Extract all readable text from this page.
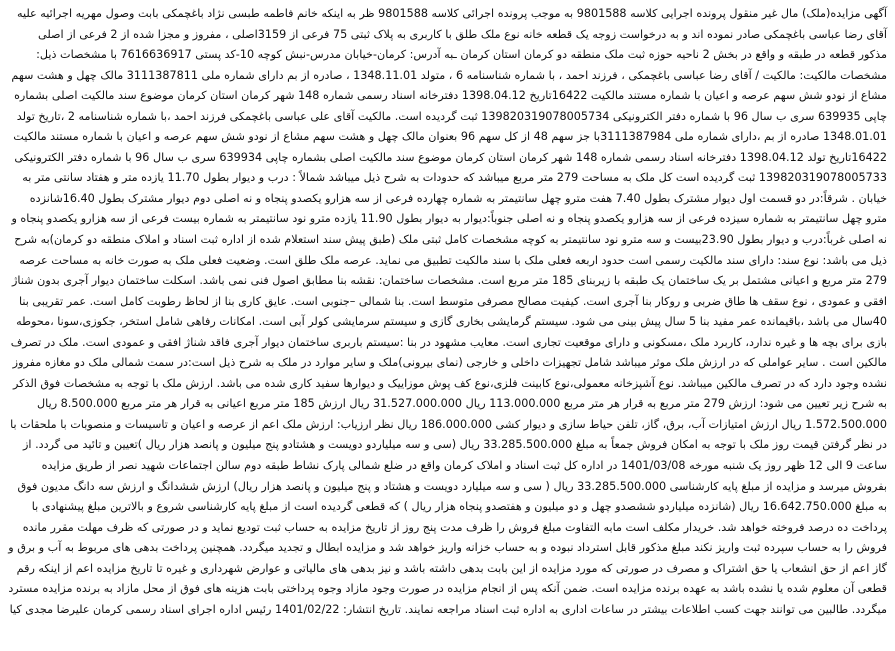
آگهی مزایده(ملک) مال غیر منقول پرونده اجرایی کلاسه 9801588 به موجب پرونده اجرائی کلاسه 9801588 ظر به اینکه خانم فاطمه طبسی نژاد باغچمکی بابت وصول مهریه اجرائیه علیه آقای رضا عباسی باغچمکی صادر نموده اند و به درخواست زوجه یک قطعه خانه نوع ملک طلق با کاربری به پلاک ثبتی 75 فرعی از 3159اصلی ، مفروز و مجزا شده از 2 فرعی از اصلی مذکور قطعه در طبقه و واقع در بخش 2 ناحیه حوزه ثبت ملک منطقه دو کرمان استان کرمان ـبه آدرس: کرمان-خیابان مدرس-نبش کوچه 10-کد پستی 7616636917 با مشخصات ذیل: مشخصات مالکیت: مالکیت / آقای رضا عباسی باغچمکی ، فرزند احمد ، با شماره شناسنامه 6 ، متولد 1348.11.01 ، صادره از بم دارای شماره ملی 3111387811 مالک چهل و هشت سهم مشاع از نودو شش سهم عرصه و اعیان با شماره مستند مالکیت 16422تاریخ 1398.04.12 دفترخانه اسناد رسمی شماره 148 شهر کرمان استان کرمان موضوع سند مالکیت اصلی بشماره چاپی 639935 سری ب سال 96 با شماره دفتر الکترونیکی 139820319078005734 ثبت گردیده است. مالکیت آقای علی عباسی باغچمکی فرزند احمد ،با شماره شناسنامه 2 ،تاریخ تولد 1348.01.01 صادره از بم ،دارای شماره ملی 3111387984با جز سهم 48 از کل سهم 96 بعنوان مالک چهل و هشت سهم مشاع از نودو شش سهم عرصه و اعیان با شماره مستند مالکیت 16422تاریخ تولد 1398.04.12 دفترخانه اسناد رسمی شماره 148 شهر کرمان استان کرمان موضوع سند مالکیت اصلی بشماره چاپی 639934 سری ب سال 96 با شماره دفتر الکترونیکی 139820319078005733 ثبت گردیده است کل ملک به مساحت 279 متر مربع میباشد که حدودات به شرح ذیل میباشد شمالاً : درب و دیوار بطول 11.70 یازده متر و هفتاد سانتی متر به خیابان . شرقاً:در دو قسمت اول دیوار مشترک بطول 7.40 هفت مترو چهل سانتیمتر به شماره چهارده فرعی از سه هزارو یکصدو پنجاه و نه اصلی دوم دیوار مشترک بطول 16.40شانزده مترو چهل سانتیمتر به شماره سیزده فرعی از سه هزارو یکصدو پنجاه و نه اصلی جنوباً:دیوار به دیوار بطول 11.90 یازده مترو نود سانتیمتر به شماره بیست فرعی از سه هزارو یکصدو پنجاه و نه اصلی غرباً:درب و دیوار بطول 23.90بیست و سه مترو نود سانتیمتر به کوچه مشخصات کامل ثبتی ملک (طبق پیش سند استعلام شده از اداره ثبت اسناد و املاک منطقه دو کرمان)به شرح ذیل می باشد: نوع سند: دارای سند مالکیت رسمی است حدود اربعه فعلی ملک با سند مالکیت تطبیق می نماید. عرصه ملک طلق است. وضعیت فعلی ملک به صورت خانه به مساحت عرصه 279 متر مربع و اعیانی مشتمل بر یک ساختمان یک طبقه با زیربنای 185 متر مربع است. مشخصات ساختمان: نقشه بنا مطابق اصول فنی نمی باشد. اسکلت ساختمان دیوار آجری بدون شناژ افقی و عمودی ، نوع سقف ها طاق ضربی و روکار بنا آجری است. کیفیت مصالح مصرفی متوسط است. بنا شمالی –جنوبی است. عایق کاری بنا از لحاظ رطوبت کامل است. عمر تقریبی بنا 40سال می باشد ،باقیمانده عمر مفید بنا 5 سال پیش بینی می شود. سیستم گرمایشی بخاری گازی و سیستم سرمایشی کولر آبی است. امکانات رفاهی شامل استخر، جکوزی،سونا ،محوطه بازی برای بچه ها و غیره ندارد، کاربرد ملک ،مسکونی و دارای موقعیت تجاری است. معایب مشهود در بنا :سیستم باربری ساختمان دیوار آجری فاقد شناژ افقی و عمودی است. ملک در تصرف مالکین است . سایر عواملی که در ارزش ملک موثر میباشد شامل تجهیزات داخلی و خارجی (نمای بیرونی)ملک و سایر موارد در ملک به شرح ذیل است:در سمت شمالی ملک دو مغازه مفروز نشده وجود دارد که در تصرف مالکین میباشد. نوع آشپزخانه معمولی،نوع کابینت فلزی،نوع کف پوش موزاییک و دیوارها سفید کاری شده می باشد. ارزش ملک با توجه به مشخصات فوق الذکر به شرح زیر تعیین می شود: ارزش 279 متر مربع به قرار هر متر مربع 113.000.000 ریال 31.527.000.000 ریال ارزش 185 متر مربع اعیانی به قرار هر متر مربع 8.500.000 ریال 1.572.500.000 ریال ارزش امتیازات آب، برق، گاز، تلفن حیاط سازی و دیوار کشی 186.000.000 ریال نظر ارزیاب: ارزش ملک اعم از عرصه و اعیان و تاسیسات و منصوبات با ملحقات با در نظر گرفتن قیمت روز ملک با توجه به امکان فروش جمعاً به مبلغ 33.285.500.000 ریال (سی و سه میلیاردو دویست و هشتادو پنج میلیون و پانصد هزار ریال )تعیین و تائید می گردد. از ساعت 9 الی 12 ظهر روز یک شنبه مورخه 1401/03/08 در اداره کل ثبت اسناد و املاک کرمان واقع در ضلع شمالی پارک نشاط طبقه دوم سالن اجتماعات شهید نصر از طریق مزایده بفروش میرسد و مزایده از مبلغ پایه کارشناسی 33.285.500.000 ریال ( سی و سه میلیارد دویست و هشتاد و پنج میلیون و پانصد هزار ریال) ارزش ششدانگ و ارزش سه دانگ مدیون فوق به مبلغ 16.642.750.000 ریال (شانزده میلیاردو ششصدو چهل و دو میلیون و هفتصدو پنجاه هزار ریال ) که قطعی گردیده است از مبلغ پایه کارشناسی شروع و بالاترین مبلغ پیشنهادی با پرداخت ده درصد فروخته خواهد شد. خریدار مکلف است مابه التفاوت مبلغ فروش را ظرف مدت پنج روز از تاریخ مزایده به حساب ثبت تودیع نماید و در صورتی که ظرف مهلت مقرر مانده فروش را به حساب سپرده ثبت واریز نکند مبلغ مذکور قابل استرداد نبوده و به حساب خزانه واریز خواهد شد و مزایده ابطال و تجدید میگردد. همچنین پرداخت بدهی های مربوط به آب و برق و گاز اعم از حق انشعاب یا حق اشتراک و مصرف در صورتی که مورد مزایده از این بابت بدهی داشته باشد و نیز بدهی های مالیاتی و عوارض شهرداری و غیره تا تاریخ مزایده اعم از اینکه رقم قطعی آن معلوم شده یا نشده باشد به عهده برنده مزایده است. ضمن آنکه پس از انجام مزایده در صورت وجود مازاد وجوه پرداختی بابت هزینه های فوق از محل مازاد به برنده مزایده مسترد میگردد. طالبین می توانند جهت کسب اطلاعات بیشتر در ساعات اداری به اداره ثبت اسناد مراجعه نمایند. تاریخ انتشار: 1401/02/22 رئیس اداره اجرای اسناد رسمی کرمان علیرضا مجدی کیا
